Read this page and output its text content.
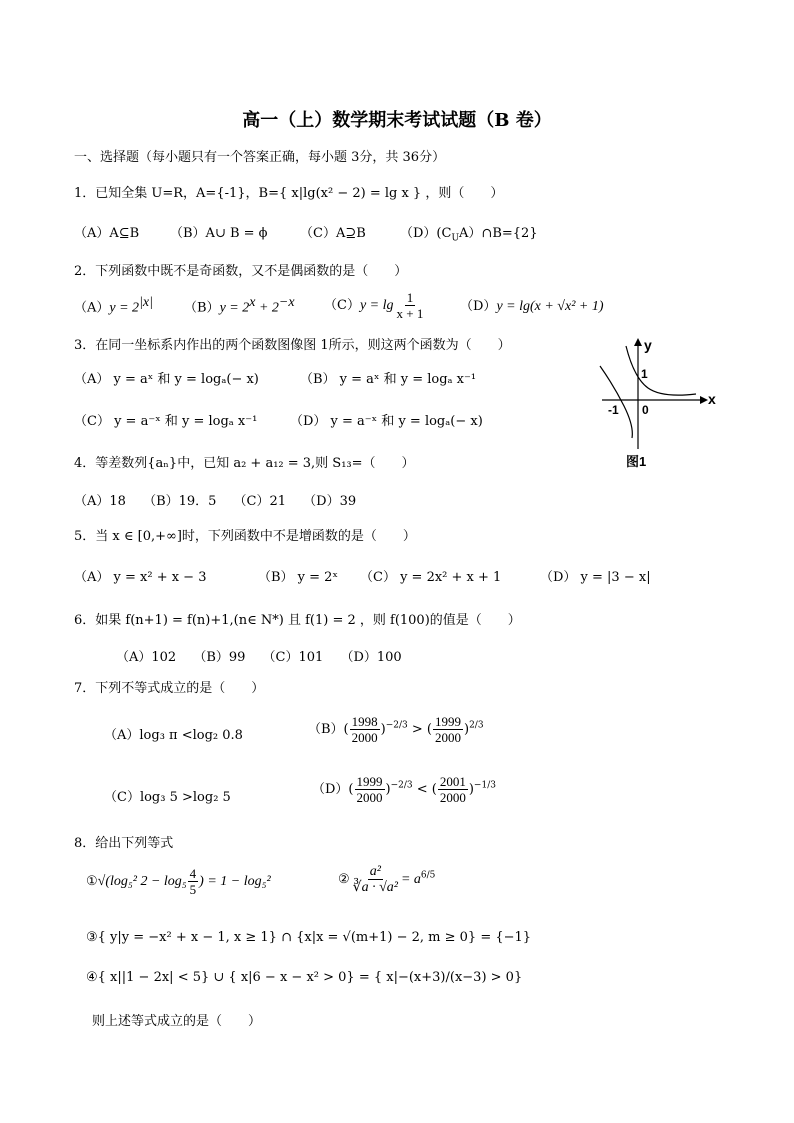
高一（上）数学期末考试试题（B 卷）
一、选择题（每小题只有一个答案正确，每小题 3分，共 36分）
1．已知全集 U=R，A={-1}，B={ x|lg(x² − 2) = lg x } ，则（　　）
（A）A⊆B （B）A∪ B = ϕ （C）A⊇B	$(D)(C_UA)\cap B=\{2\}$
2．下列函数中既不是奇函数，又不是偶函数的是（　　）
$(A)y = 2^{|x|}$ $(B)y = 2^x + 2^{-x}$ $(C)y = \lg \frac{1}{x + 1}$	（D）y = lg(x + √x² + 1)
3．在同一坐标系内作出的两个函数图像图 1所示，则这两个函数为（　　）
（A） y = aˣ 和 y = logₐ(− x)	（B） y = aˣ 和 y = logₐ x⁻¹
（C） y = a⁻ˣ 和 y = logₐ x⁻¹	（D） y = a⁻ˣ 和 y = logₐ(− x)
y
x
1
0
-1
图1
4．等差数列{aₙ}中，已知 a₂ + a₁₂ = 3,则 S₁₃=（　　）
（A）18　 （B）19．5　 （C）21　 （D）39
5．当 x ∈ [0,+∞]时，下列函数中不是增函数的是（　　）
（A） y = x² + x − 3	（B） y = 2ˣ （C） y = 2x² + x + 1	（D） y = |3 − x|
6．如果 f(n+1) = f(n)+1,(n∈ N*) 且 f(1) = 2 ，则 f(100)的值是（　　）
（A）102　 （B）99　 （C）101　 （D）100
7．下列不等式成立的是（　　）
（A）log₃ π <log₂ 0.8	$(B)( \frac{1998}{2000} )^{-2/3}$ > ( $\frac{1999}{2000} )^{2/3}$
（C）log₃ 5 >log₂ 5
$(D)( \frac{1999}{2000} )^{-2/3}$ < ( $\frac{2001}{2000} )^{-1/3}$
8．给出下列等式
①√(log₅² $2 - \log_5 \frac{4}{5}$ ) = 1 − log₅²	② $\frac{\text{a²}}{\text{∛a · √a²}} = a^{6/5}$
③{ y|y = −x² + x − 1, x ≥ 1} ∩ {x|x = √(m+1) − 2, m ≥ 0} = {−1}
④{ x||1 − 2x| < 5} ∪ { x|6 − x − x² > 0} = { x|−(x+3)/(x−3) > 0}
则上述等式成立的是（　　）
